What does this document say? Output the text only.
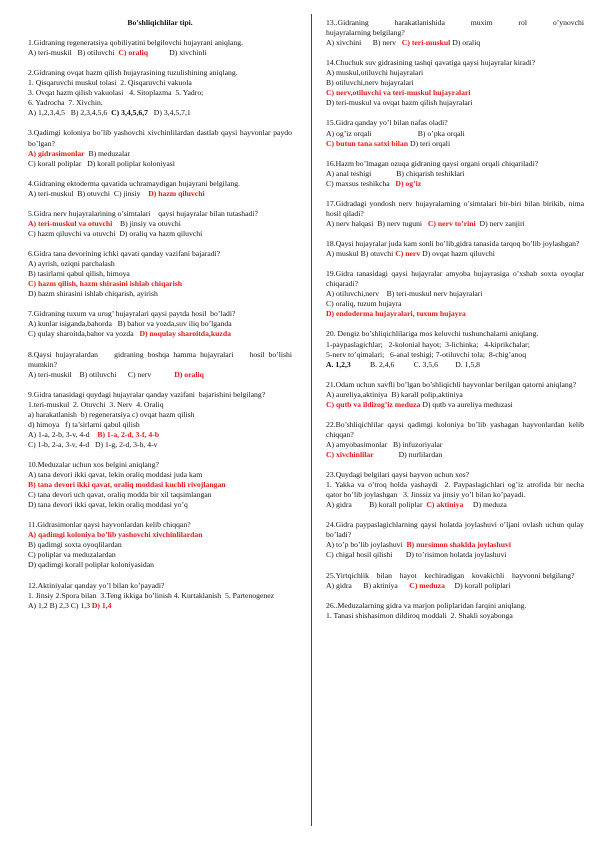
Bo’shliqichlilar tipi.
1.Gidraning regeneratsiya qobiliyatini belgilovchi hujayrani aniqlang.
A) teri-muskil   B) otiluvchi  C) oraliq           D) xivchinli
2.Gidraning ovqat hazm qilish hujayrasining tuzulishining aniqlang.
1. Qisqaruvchi muskul tolasi  2. Qisqaruvchi vakuola
3. Ovqat hazm qilish vakuolasi   4. Sitoplazma  5. Yadro;
6. Yadrocha  7. Xivchin.
A) 1,2,3,4,5   B) 2,3,4,5,6  C) 3,4,5,6,7   D) 3,4,5,7,1
3.Qadimgi koloniya bo’lib yashovchi xivchinlilardan dastlab qaysi hayvonlar paydo bo’lgan?
A) gidrasimonlar  B) meduzalar
C) korall poliplar   D) korall poliplar koloniyasi
4.Gidraning ektoderma qavatida uchramaydigan hujayrani belgilang.
A) teri-muskul  B) otuvchi  C) jinsiy    D) hazm qiluvchi
5.Gidra nerv hujayralarining o’simtalari    qaysi hujayralar bilan tutashadi?
A) teri-muskul va otuvchi    B) jinsiy va otuvchi
C) hazm qiluvchi va otuvchi  D) oraliq va hazm qiluvchi
6.Gidra tana devorining ichki qavati qanday vazifani bajaradi?
A) ayrish, oziqni parchalash
B) tasirlarni qabul qilish, himoya
C) hazm qilish, hazm shirasini ishlab chiqarish
D) hazm shirasini ishlab chiqarish, ayirish
7.Gidraning tuxum va urug’ hujayralari qaysi paytda hosil  bo’ladi?
A) kunlar isiganda,bahorda   B) bahor va yozda,suv iliq bo’lganda
C) qulay sharoitda,bahor va yozda   D) noqulay sharoitda,kuzda
8.Qaysi hujayralardan    gidraning boshqa hamma hujayralari    hosil bo’lishi mumkin?
A) teri-muskil    B) otiluvchi      C) nerv            D) oraliq
9.Gidra tanasidagi quydagi hujayralar qanday vazifani  bajarishini belgilang?
1.teri-muskul  2. Otuvchi  3. Nerv  4. Oraliq
a) harakatlanish  b) regeneratsiya c) ovqat hazm qilish
d) himoya   f) ta’sirlarni qabul qilish
A) 1-a, 2-b, 3-v, 4-d    B) 1-a, 2-d, 3-f, 4-b
C) 1-b, 2-a, 3-v, 4-d   D) 1-g, 2-d, 3-b, 4-v
10.Meduzalar uchun xos belgini aniqlang?
A) tana devori ikki qavat, lekin oraliq moddasi juda kam
B) tana devori ikki qavat, oraliq moddasi kuchli rivojlangan
C) tana devori uch qavat, oraliq modda bir xil taqsimlangan
D) tana devori ikki qavat, lekin oraliq moddasi yo’q
11.Gidrasimonlar qaysi hayvonlardan kelib chiqqan?
A) qadimgi koloniya bo’lib yashovchi xivchinlilardan
B) qadimgi soxta oyoqlilardan
C) poliplar va meduzalardan
D) qadimgi korall poliplar koloniyasidan
12.Aktiniyalar qanday yo’l bilan ko’payadi?
1. Jinsiy 2.Spora bilan  3.Teng ikkiga bo’linish 4. Kurtaklanish  5. Partenogenez
A) 1,2 B) 2,3 C) 1,3 D) 1,4
13..Gidraning        harakatlanishida        muxim        rol        o’ynovchi hujayralarning belgilang?
A) xivchini      B) nerv   C) teri-muskul D) oraliq
14.Chuchuk suv gidrasining tashqi qavatiga qaysi hujayralar kiradi?
A) muskul,otiluvchi hujayralari
B) otiluvchi,nerv hujayralari
C) nerv,otiluvchi va teri-muskul hujayralari
D) teri-muskul va ovqat hazm qilish hujayralari
15.Gidra qanday yo’l bilan nafas oladi?
A) og’iz orqali                        B) o’pka orqali
C) butun tana satxi bilan D) teri orqali
16.Hazm bo’lmagan ozuqa gidraning qaysi organi orqali chiqariladi?
A) anal teshigi             B) chiqarish teshiklari
C) maxsus teshikcha   D) og’iz
17.Gidradagi yondosh nerv hujayralarning o’simtalari bir-biri bilan birikib, nima hosil qiladi?
A) nerv halqasi  B) nerv tuguni   C) nerv to’rini  D) nerv zanjiri
18.Qaysi hujayralar juda kam sonli bo’lib,gidra tanasida tarqoq bo’lib joylashgan?
A) muskul B) otuvchi C) nerv D) ovqat hazm qiluvchi
19.Gidra tanasidagi qaysi hujayralar amyoba hujayrasiga o’xshab soxta oyoqlar chiqaradi?
A) otiluvchi,nerv    B) teri-muskul nerv hujayralari
C) oraliq, tuzum hujayra
D) endoderma hujayralari, tuxum hujayra
20. Dengiz bo’shliqichlilariga mos keluvchi tushunchalarni aniqlang.
1-paypaslagichlar;   2-kolonial hayot;  3-lichinka;   4-kiprikchalar;
5-nerv to’qimalari;   6-anal teshigi; 7-otiluvchi tola;  8-chig’anoq
A. 1,2,3          B. 2,4,6          C. 3,5,6         D. 1,5,8
21.Odam uchun xavfli bo’lgan bo’shliqichli hayvonlar berilgan qatorni aniqlang?
A) aureliya,aktiniya  B) karall polip,aktiniya
C) qutb va ildizog’iz meduza D) qutb va aureliya meduzasi
22.Bo’shliqichlilar qaysi qadimgi koloniya bo’lib yashagan hayvonlardan kelib chiqqan?
A) amyobasimonlar   B) infuzoriyalar
C) xivchinlilar             D) nurlilardan
23.Quydagi belgilari qaysi hayvon uchun xos?
1. Yakka va o’troq holda yashaydi  2. Paypaslagichlari og’iz atrofida bir necha qator bo’lib joylashgan   3. Jinssiz va jinsiy yo’l bilan ko’payadi.
A) gidra         B) korall poliplar  C) aktiniya     D) meduza
24.Gidra paypaslagichlarning qaysi holatda joylashuvi o’ljani ovlash uchun qulay bo’ladi?
A) to’p bo’lib joylashuvi  B) nursimon shaklda joylashuvi
C) chigal hosil qilishi       D) to’risimon holatda joylashuvi
25.Yirtqichlik    bilan    hayot    kechiradigan    kovakichli    hayvonni belgilang?
A) gidra      B) aktiniya      C) meduza     D) korall poliplari
26..Meduzalarning gidra va marjon poliplaridan farqini aniqlang.
1. Tanasi shishasimon dildiroq moddali  2. Shakli soyabonga
